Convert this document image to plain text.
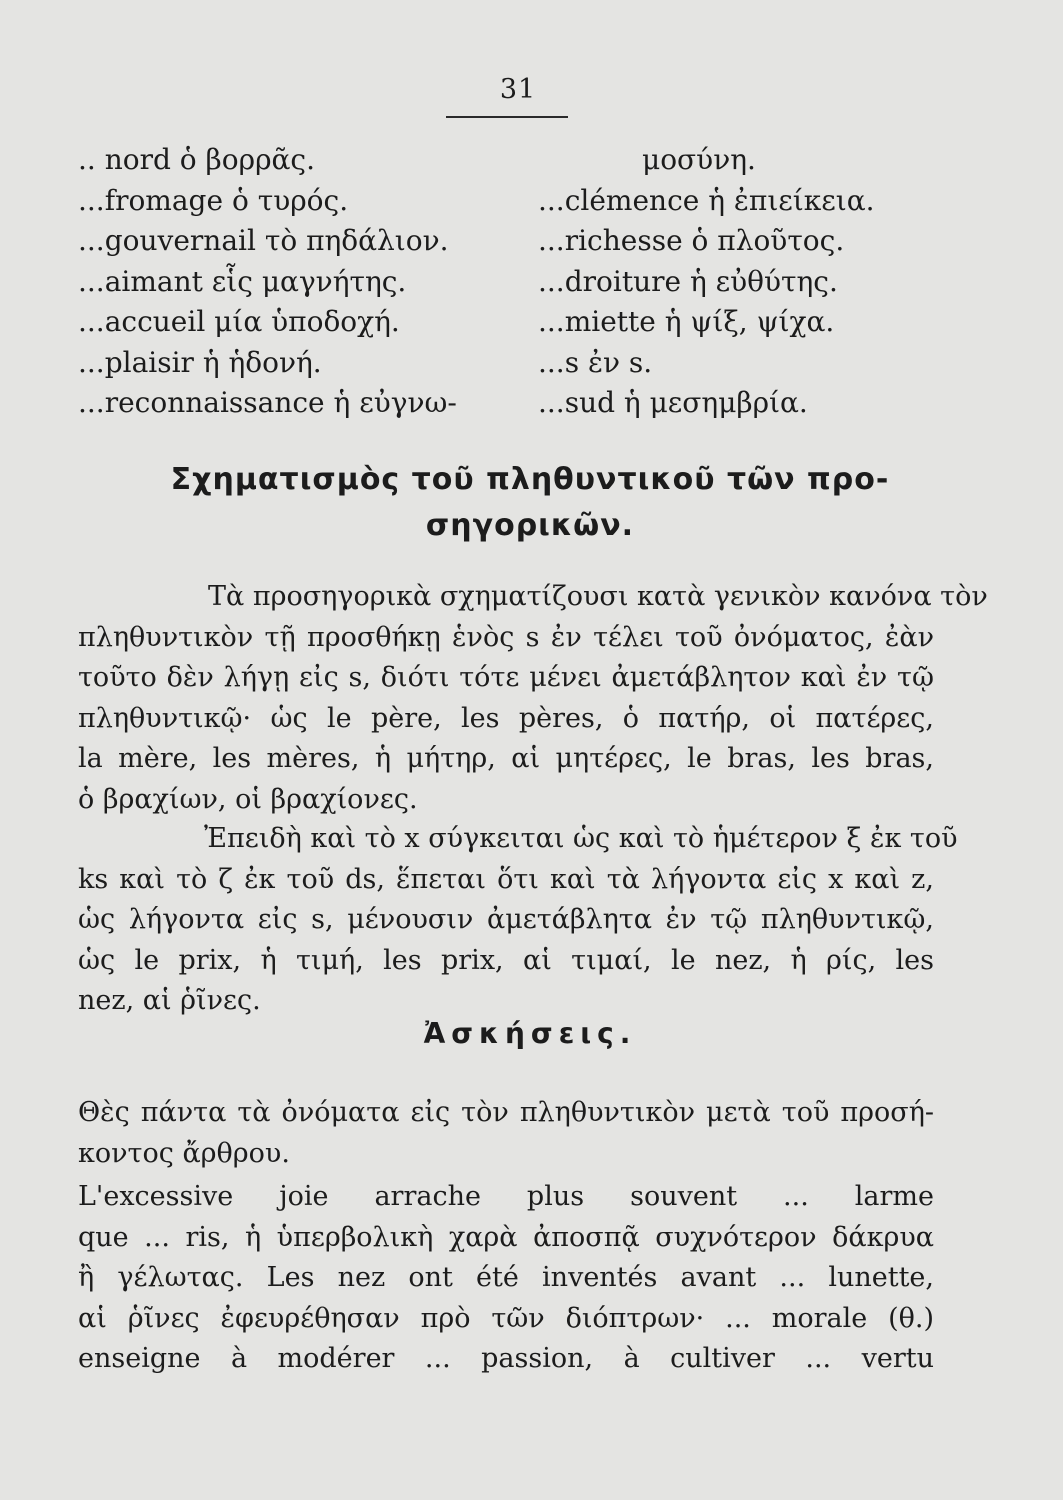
31
.. nord ὁ βορρᾶς.
...fromage ὁ τυρός.
...gouvernail τὸ πηδάλιον.
...aimant εἷς μαγνήτης.
...accueil μία ὑποδοχή.
...plaisir ἡ ἡδονή.
...reconnaissance ἡ εὐγνω-
μοσύνη.
...clémence ἡ ἐπιείκεια.
...richesse ὁ πλοῦτος.
...droiture ἡ εὐθύτης.
...miette ἡ ψίξ, ψίχα.
...s ἐν s.
...sud ἡ μεσημβρία.
Σχηματισμὸς τοῦ πληθυντικοῦ τῶν προ-
σηγορικῶν.
Τὰ προσηγορικὰ σχηματίζουσι κατὰ γενικὸν κανόνα τὸν
πληθυντικὸν τῇ προσθήκῃ ἑνὸς s ἐν τέλει τοῦ ὀνόματος, ἐὰν
τοῦτο δὲν λήγῃ εἰς s, διότι τότε μένει ἀμετάβλητον καὶ ἐν τῷ
πληθυντικῷ· ὡς le père, les pères, ὁ πατήρ, οἱ πατέρες,
la mère, les mères, ἡ μήτηρ, αἱ μητέρες, le bras, les bras,
ὁ βραχίων, οἱ βραχίονες.
Ἐπειδὴ καὶ τὸ x σύγκειται ὡς καὶ τὸ ἡμέτερον ξ ἐκ τοῦ
ks καὶ τὸ ζ ἐκ τοῦ ds, ἕπεται ὅτι καὶ τὰ λήγοντα εἰς x καὶ z,
ὡς λήγοντα εἰς s, μένουσιν ἀμετάβλητα ἐν τῷ πληθυντικῷ,
ὡς le prix, ἡ τιμή, les prix, αἱ τιμαί, le nez, ἡ ρίς, les
nez, αἱ ῥῖνες.
Ἀσκήσεις.
Θὲς πάντα τὰ ὀνόματα εἰς τὸν πληθυντικὸν μετὰ τοῦ προσή-
κοντος ἄρθρου.
L'excessive joie arrache plus souvent ... larme
que ... ris, ἡ ὑπερβολικὴ χαρὰ ἀποσπᾷ συχνότερον δάκρυα
ἢ γέλωτας. Les nez ont été inventés avant ... lunette,
αἱ ῥῖνες ἐφευρέθησαν πρὸ τῶν διόπτρων· ... morale (θ.)
enseigne à modérer ... passion, à cultiver ... vertu
